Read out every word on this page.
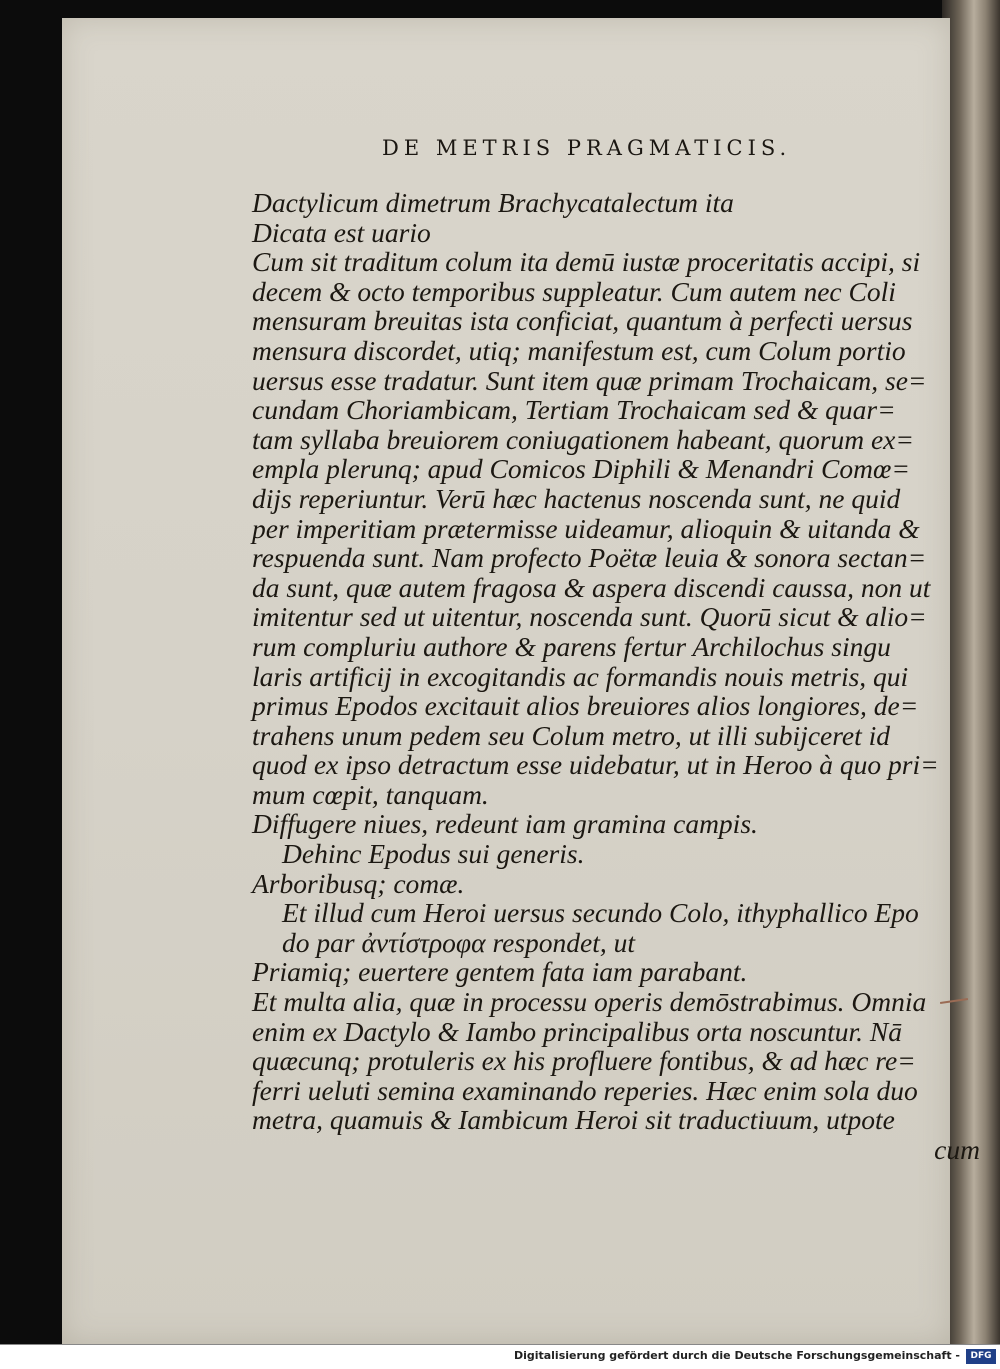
DE METRIS PRAGMATICIS.
Dactylicum dimetrum Brachycatalectum ita
Dicata est uario
Cum sit traditum colum ita demū iustæ proceritatis accipi, si
decem & octo temporibus suppleatur. Cum autem nec Coli
mensuram breuitas ista conficiat, quantum à perfecti uersus
mensura discordet, utiq; manifestum est, cum Colum portio
uersus esse tradatur. Sunt item quæ primam Trochaicam, se=
cundam Choriambicam, Tertiam Trochaicam sed & quar=
tam syllaba breuiorem coniugationem habeant, quorum ex=
empla plerunq; apud Comicos Diphili & Menandri Comœ=
dijs reperiuntur. Verū hæc hactenus noscenda sunt, ne quid
per imperitiam prætermisse uideamur, alioquin & uitanda &
respuenda sunt. Nam profecto Poëtæ leuia & sonora sectan=
da sunt, quæ autem fragosa & aspera discendi caussa, non ut
imitentur sed ut uitentur, noscenda sunt. Quorū sicut & alio=
rum compluriu authore & parens fertur Archilochus singu
laris artificij in excogitandis ac formandis nouis metris, qui
primus Epodos excitauit alios breuiores alios longiores, de=
trahens unum pedem seu Colum metro, ut illi subijceret id
quod ex ipso detractum esse uidebatur, ut in Heroo à quo pri=
mum cœpit, tanquam.
Diffugere niues, redeunt iam gramina campis.
Dehinc Epodus sui generis.
Arboribusq; comæ.
Et illud cum Heroi uersus secundo Colo, ithyphallico Epo
do par ἀντίστροφα respondet, ut
Priamiq; euertere gentem fata iam parabant.
Et multa alia, quæ in processu operis demōstrabimus. Omnia
enim ex Dactylo & Iambo principalibus orta noscuntur. Nā
quæcunq; protuleris ex his profluere fontibus, & ad hæc re=
ferri ueluti semina examinando reperies. Hæc enim sola duo
metra, quamuis & Iambicum Heroi sit traductiuum, utpote
cum
Digitalisierung gefördert durch die Deutsche Forschungsgemeinschaft -	DFG
